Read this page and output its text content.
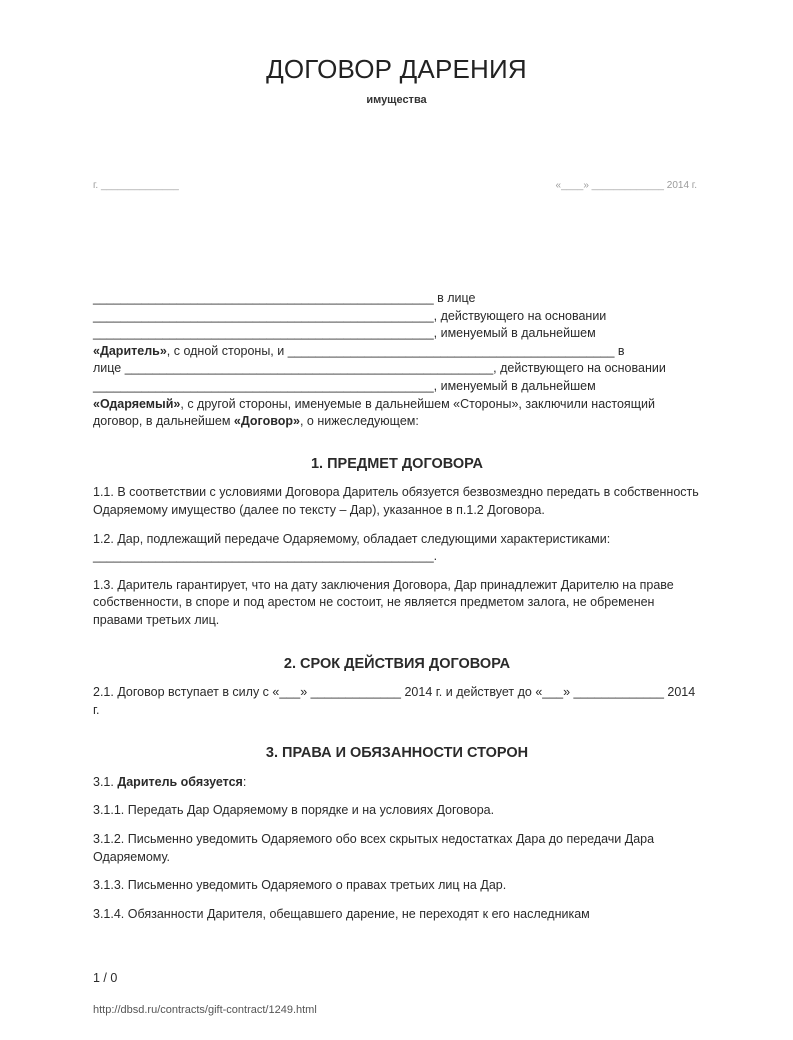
ДОГОВОР ДАРЕНИЯ
имущества
г. ______________	«____» _____________ 2014 г.

_________________________________________________ в лице

_________________________________________________, действующего на основании

_________________________________________________, именуемый в дальнейшем

«Даритель», с одной стороны, и _______________________________________________ в

лице _____________________________________________________, действующего на основании

_________________________________________________, именуемый в дальнейшем

«Одаряемый», с другой стороны, именуемые в дальнейшем «Стороны», заключили настоящий

договор, в дальнейшем «Договор», о нижеследующем:

1. ПРЕДМЕТ ДОГОВОРА

1.1. В соответствии с условиями Договора Даритель обязуется безвозмездно передать в собственность Одаряемому имущество (далее по тексту – Дар), указанное в п.1.2 Договора.

1.2. Дар, подлежащий передаче Одаряемому, обладает следующими характеристиками: _________________________________________________.

1.3. Даритель гарантирует, что на дату заключения Договора, Дар принадлежит Дарителю на праве собственности, в споре и под арестом не состоит, не является предметом залога, не обременен правами третьих лиц.

2. СРОК ДЕЙСТВИЯ ДОГОВОРА

2.1. Договор вступает в силу с «___» _____________ 2014 г. и действует до «___» _____________ 2014 г.

3. ПРАВА И ОБЯЗАННОСТИ СТОРОН

3.1. Даритель обязуется:

3.1.1. Передать Дар Одаряемому в порядке и на условиях Договора.

3.1.2. Письменно уведомить Одаряемого обо всех скрытых недостатках Дара до передачи Дара Одаряемому.

3.1.3. Письменно уведомить Одаряемого о правах третьих лиц на Дар.

3.1.4. Обязанности Дарителя, обещавшего дарение, не переходят к его наследникам

1 / 0
http://dbsd.ru/contracts/gift-contract/1249.html
